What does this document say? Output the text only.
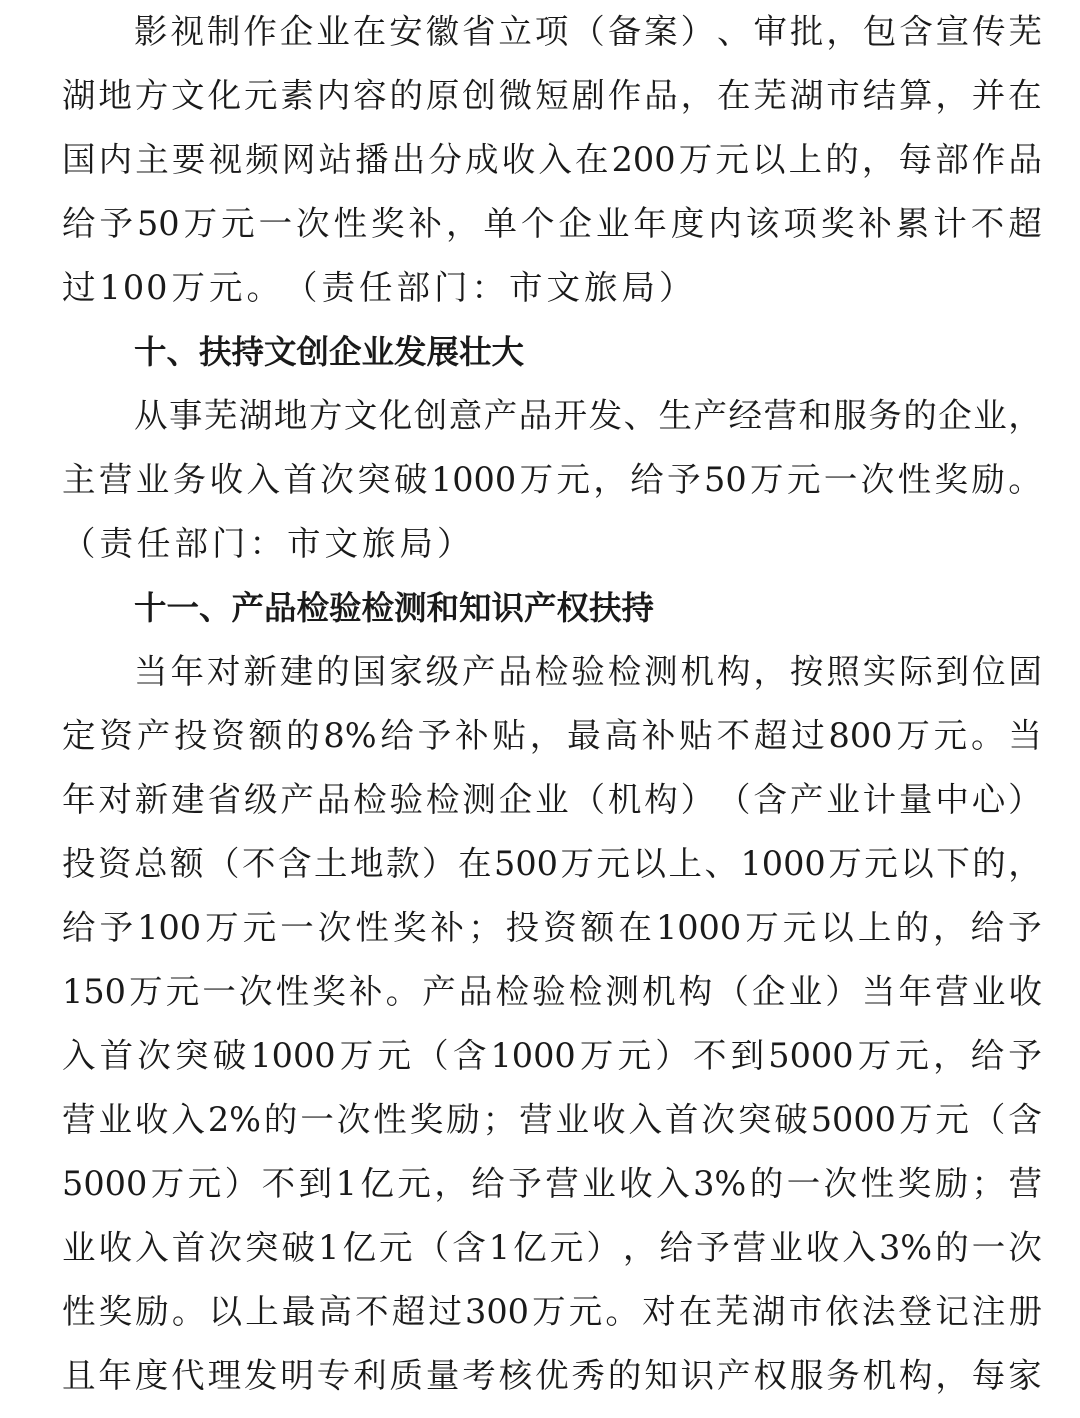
影 视 制 作 企 业 在 安 徽 省 立 项 （ 备 案 ） 、 审 批 ， 包 含 宣 传 芜
湖 地 方 文 化 元 素 内 容 的 原 创 微 短 剧 作 品 ， 在 芜 湖 市 结 算 ， 并 在
国 内 主 要 视 频 网 站 播 出 分 成 收 入 在 200 万 元 以 上 的 ， 每 部 作 品
给 予 50 万 元 一 次 性 奖 补 ， 单 个 企 业 年 度 内 该 项 奖 补 累 计 不 超
过 100 万 元 。 （ 责 任 部 门 ： 市 文 旅 局 ）
十、扶持文创企业发展壮大
从 事 芜 湖 地 方 文 化 创 意 产 品 开 发 、 生 产 经 营 和 服 务 的 企 业 ，
主 营 业 务 收 入 首 次 突 破 1000 万 元 ， 给 予 50 万 元 一 次 性 奖 励 。
（ 责 任 部 门 ： 市 文 旅 局 ）
十一、产品检验检测和知识产权扶持
当 年 对 新 建 的 国 家 级 产 品 检 验 检 测 机 构 ， 按 照 实 际 到 位 固
定 资 产 投 资 额 的 8% 给 予 补 贴 ， 最 高 补 贴 不 超 过 800 万 元 。 当
年 对 新 建 省 级 产 品 检 验 检 测 企 业 （ 机 构 ） （ 含 产 业 计 量 中 心 ）
投 资 总 额 （ 不 含 土 地 款 ） 在 500 万 元 以 上 、 1000 万 元 以 下 的 ，
给 予 100 万 元 一 次 性 奖 补 ； 投 资 额 在 1000 万 元 以 上 的 ， 给 予
150 万 元 一 次 性 奖 补 。 产 品 检 验 检 测 机 构 （ 企 业 ） 当 年 营 业 收
入 首 次 突 破 1000 万 元 （ 含 1000 万 元 ） 不 到 5000 万 元 ， 给 予
营 业 收 入 2% 的 一 次 性 奖 励 ； 营 业 收 入 首 次 突 破 5000 万 元 （ 含
5000 万 元 ） 不 到 1 亿 元 ， 给 予 营 业 收 入 3% 的 一 次 性 奖 励 ； 营
业 收 入 首 次 突 破 1 亿 元 （ 含 1 亿 元 ） ， 给 予 营 业 收 入 3% 的 一 次
性 奖 励 。 以 上 最 高 不 超 过 300 万 元 。 对 在 芜 湖 市 依 法 登 记 注 册
且 年 度 代 理 发 明 专 利 质 量 考 核 优 秀 的 知 识 产 权 服 务 机 构 ， 每 家
